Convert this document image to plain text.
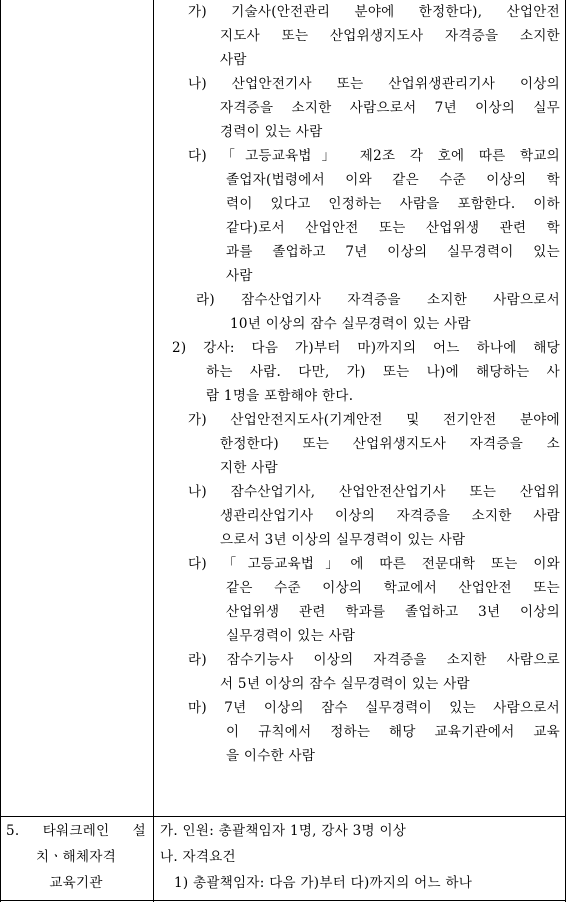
가) 기술사(안전관리 분야에 한정한다), 산업안전
지도사 또는 산업위생지도사 자격증을 소지한
사람
나) 산업안전기사 또는 산업위생관리기사 이상의
자격증을 소지한 사람으로서 7년 이상의 실무
경력이 있는 사람
다) 「고등교육법」 제2조 각 호에 따른 학교의
졸업자(법령에서 이와 같은 수준 이상의 학
력이 있다고 인정하는 사람을 포함한다. 이하
같다)로서 산업안전 또는 산업위생 관련 학
과를 졸업하고 7년 이상의 실무경력이 있는
사람
라) 잠수산업기사 자격증을 소지한 사람으로서
10년 이상의 잠수 실무경력이 있는 사람
2) 강사: 다음 가)부터 마)까지의 어느 하나에 해당
하는 사람. 다만, 가) 또는 나)에 해당하는 사
람 1명을 포함해야 한다.
가) 산업안전지도사(기계안전 및 전기안전 분야에
한정한다) 또는 산업위생지도사 자격증을 소
지한 사람
나) 잠수산업기사, 산업안전산업기사 또는 산업위
생관리산업기사 이상의 자격증을 소지한 사람
으로서 3년 이상의 실무경력이 있는 사람
다) 「고등교육법」에 따른 전문대학 또는 이와
같은 수준 이상의 학교에서 산업안전 또는
산업위생 관련 학과를 졸업하고 3년 이상의
실무경력이 있는 사람
라) 잠수기능사 이상의 자격증을 소지한 사람으로
서 5년 이상의 잠수 실무경력이 있는 사람
마) 7년 이상의 잠수 실무경력이 있는 사람으로서
이 규칙에서 정하는 해당 교육기관에서 교육
을 이수한 사람
5. 타워크레인 설
치ㆍ해체자격
교육기관
가. 인원: 총괄책임자 1명, 강사 3명 이상
나. 자격요건
1) 총괄책임자: 다음 가)부터 다)까지의 어느 하나
